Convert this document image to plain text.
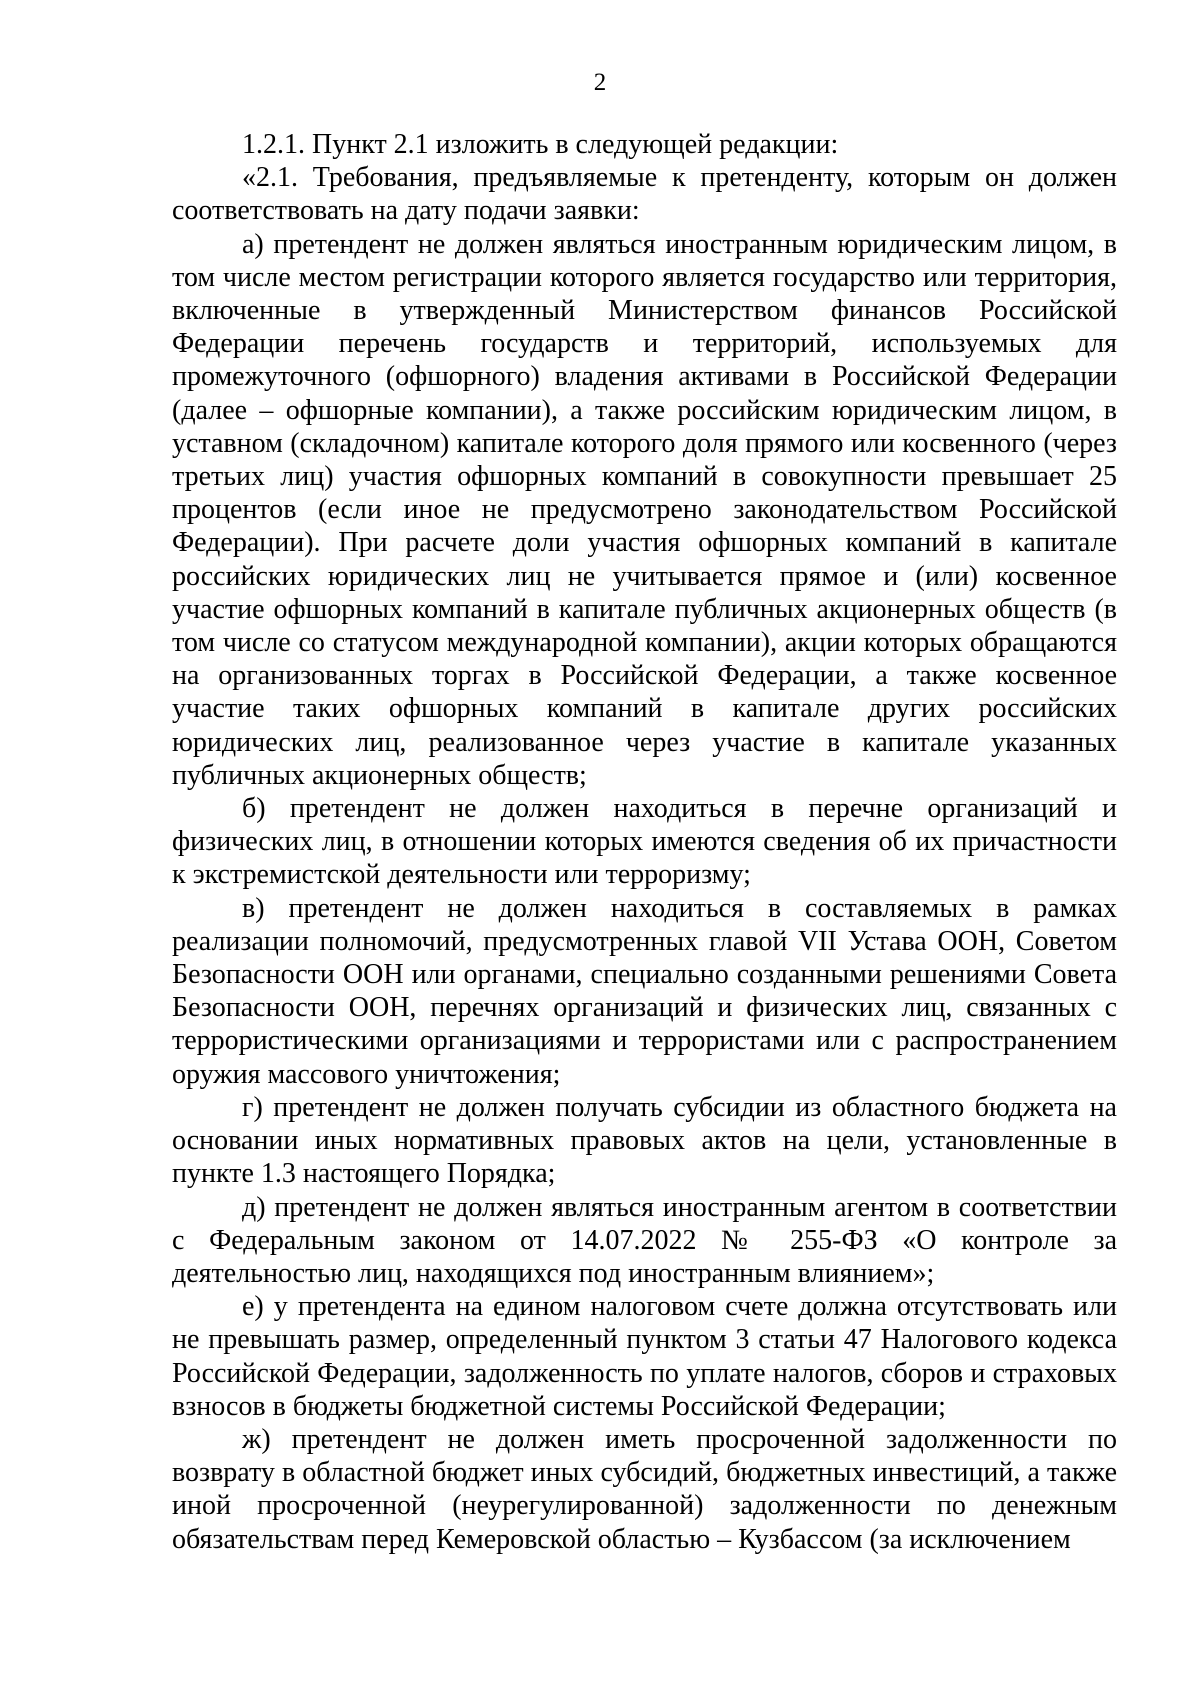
2

1.2.1. Пункт 2.1 изложить в следующей редакции:

«2.1. Требования, предъявляемые к претенденту, которым он должен соответствовать на дату подачи заявки:

а) претендент не должен являться иностранным юридическим лицом, в том числе местом регистрации которого является государство или территория, включенные в утвержденный Министерством финансов Российской Федерации перечень государств и территорий, используемых для промежуточного (офшорного) владения активами в Российской Федерации (далее – офшорные компании), а также российским юридическим лицом, в уставном (складочном) капитале которого доля прямого или косвенного (через третьих лиц) участия офшорных компаний в совокупности превышает 25 процентов (если иное не предусмотрено законодательством Российской Федерации). При расчете доли участия офшорных компаний в капитале российских юридических лиц не учитывается прямое и (или) косвенное участие офшорных компаний в капитале публичных акционерных обществ (в том числе со статусом международной компании), акции которых обращаются на организованных торгах в Российской Федерации, а также косвенное участие таких офшорных компаний в капитале других российских юридических лиц, реализованное через участие в капитале указанных публичных акционерных обществ;

б) претендент не должен находиться в перечне организаций и физических лиц, в отношении которых имеются сведения об их причастности к экстремистской деятельности или терроризму;

в) претендент не должен находиться в составляемых в рамках реализации полномочий, предусмотренных главой VII Устава ООН, Советом Безопасности ООН или органами, специально созданными решениями Совета Безопасности ООН, перечнях организаций и физических лиц, связанных с террористическими организациями и террористами или с распространением оружия массового уничтожения;

г) претендент не должен получать субсидии из областного бюджета на основании иных нормативных правовых актов на цели, установленные в пункте 1.3 настоящего Порядка;

д) претендент не должен являться иностранным агентом в соответствии с Федеральным законом от 14.07.2022 № 255-ФЗ «О контроле за деятельностью лиц, находящихся под иностранным влиянием»;

е) у претендента на едином налоговом счете должна отсутствовать или не превышать размер, определенный пунктом 3 статьи 47 Налогового кодекса Российской Федерации, задолженность по уплате налогов, сборов и страховых взносов в бюджеты бюджетной системы Российской Федерации;

ж) претендент не должен иметь просроченной задолженности по возврату в областной бюджет иных субсидий, бюджетных инвестиций, а также иной просроченной (неурегулированной) задолженности по денежным обязательствам перед Кемеровской областью – Кузбассом (за исключением
